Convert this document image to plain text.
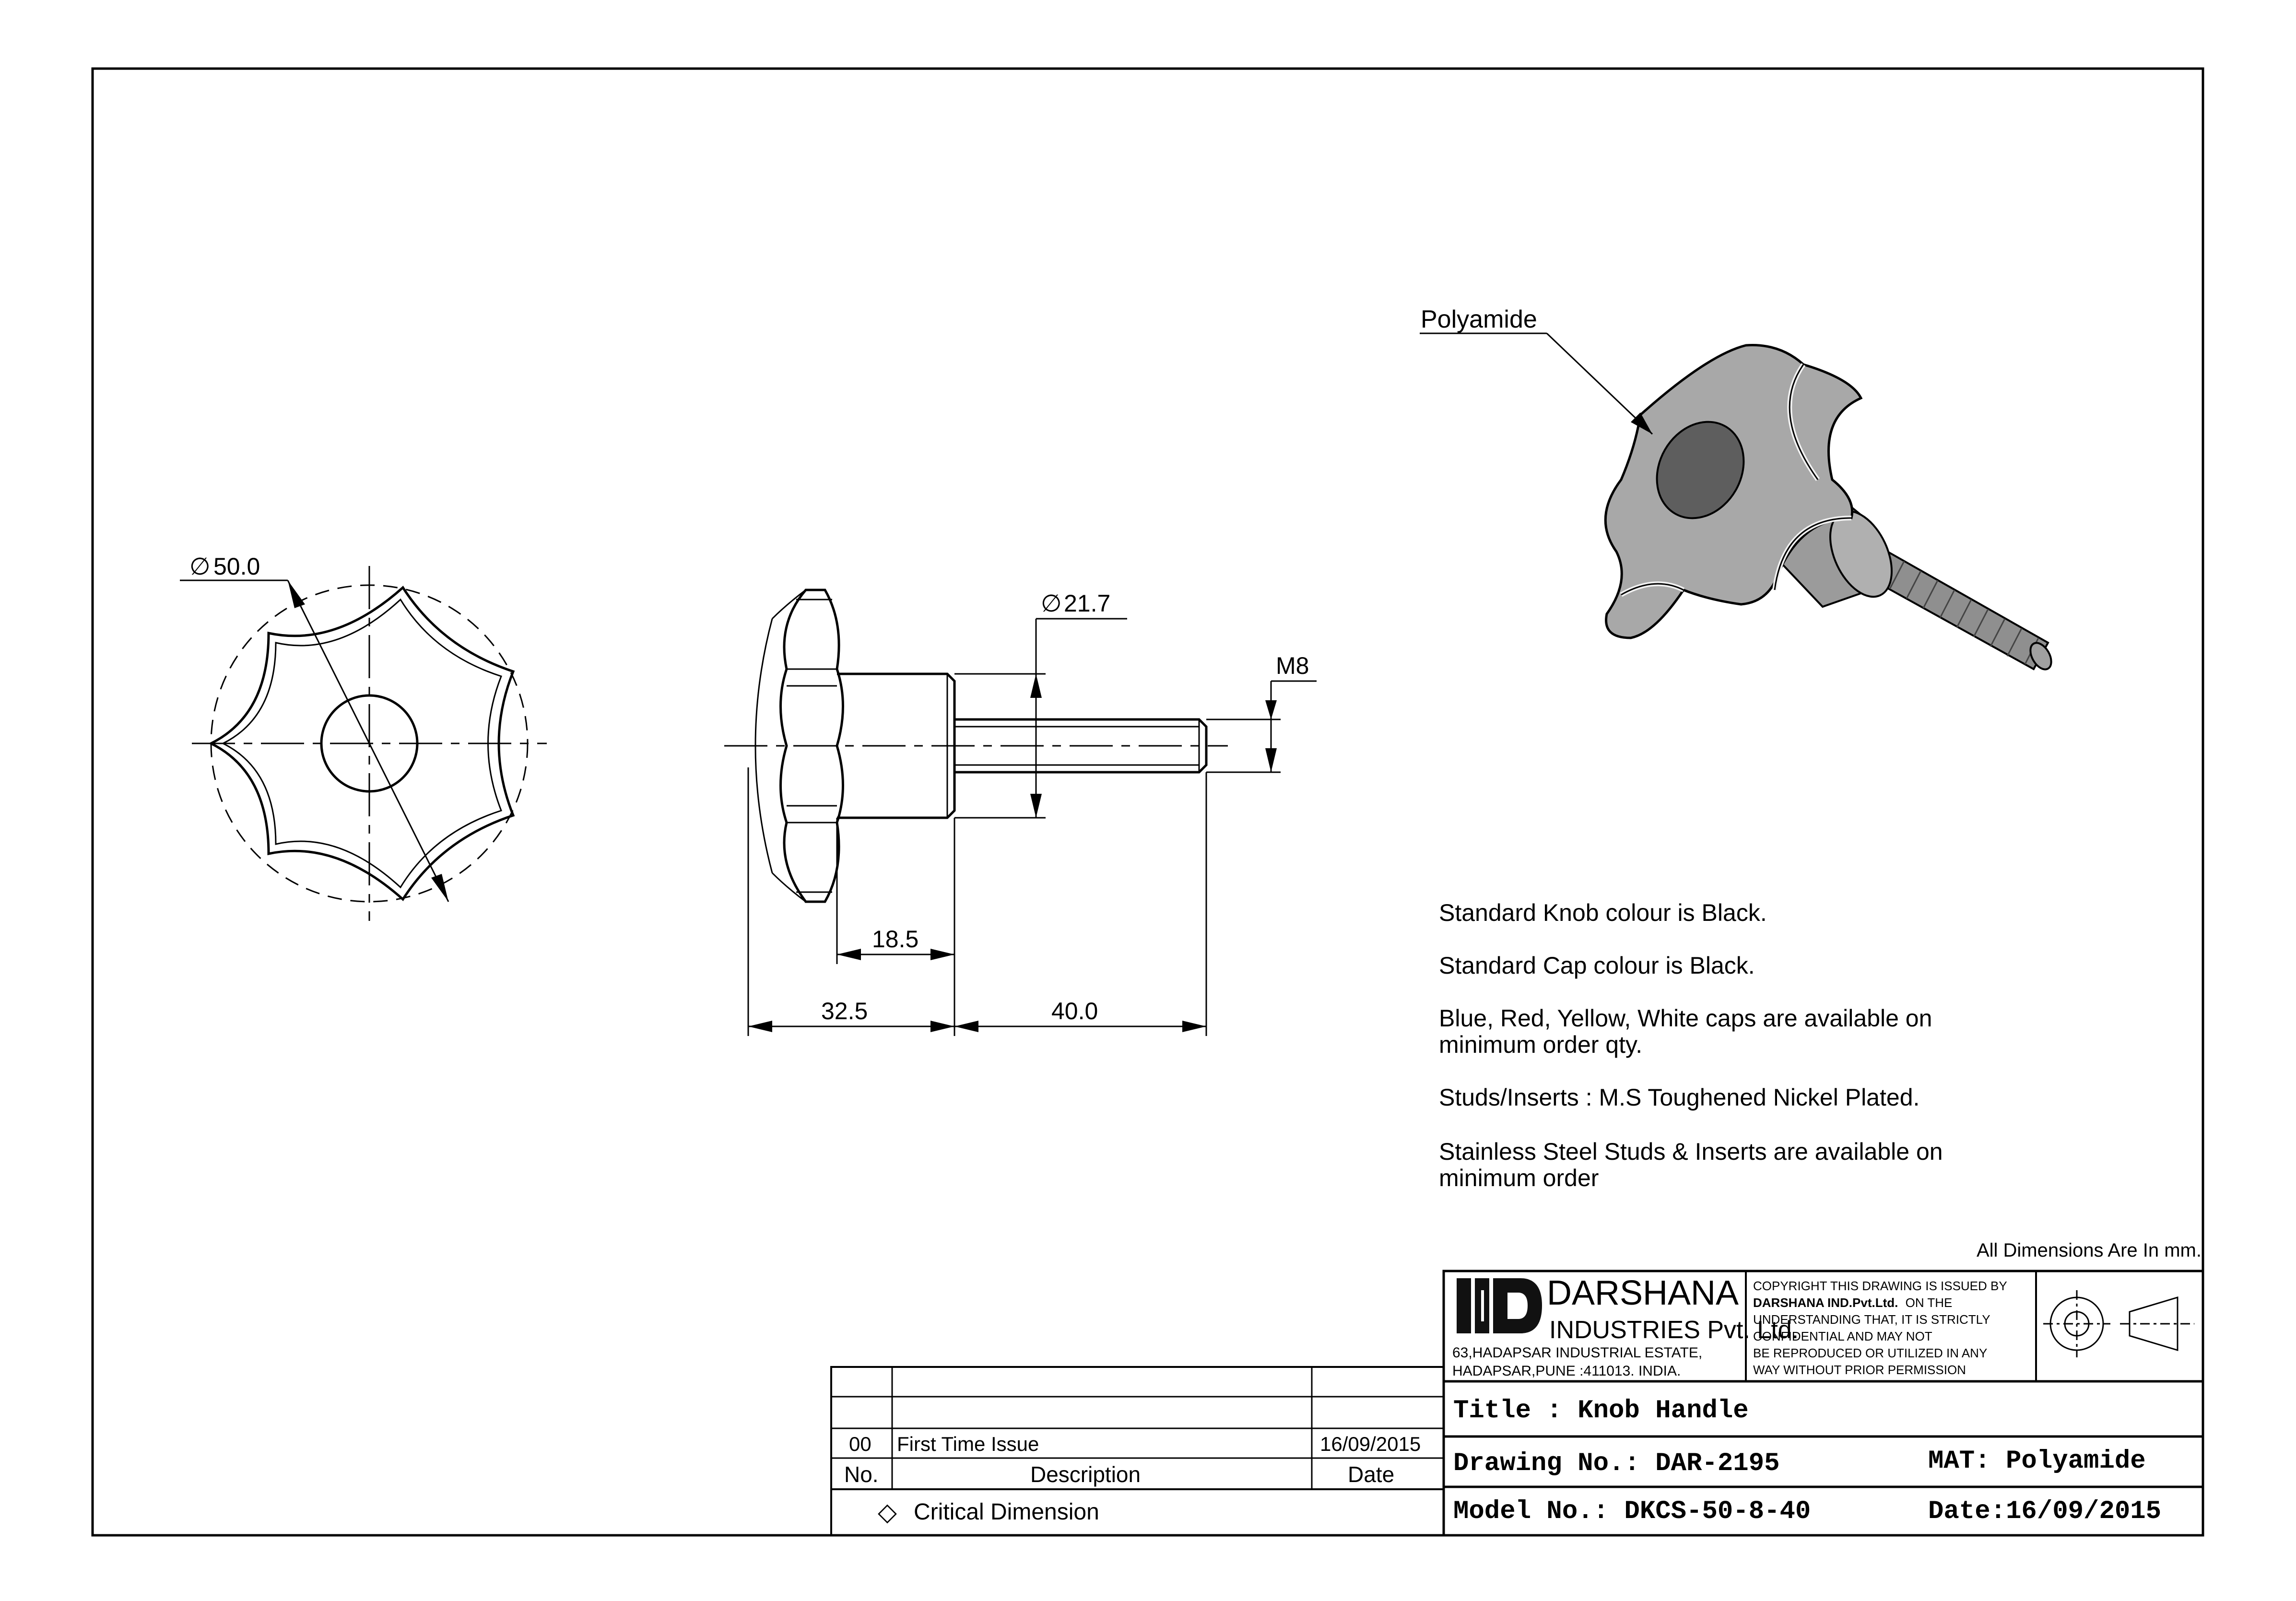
∅ 50.0
∅ 21.7
M8
18.5
32.5	40.0
Polyamide
Standard Knob colour is Black.
Standard Cap colour is Black.
Blue, Red, Yellow, White caps are available on
minimum order qty.
Studs/Inserts : M.S Toughened Nickel Plated.
Stainless Steel Studs & Inserts are available on
minimum order
All Dimensions Are In mm.
DARSHANA
INDUSTRIES Pvt. Ltd.
63,HADAPSAR INDUSTRIAL ESTATE,
HADAPSAR,PUNE :411013. INDIA.
COPYRIGHT THIS DRAWING IS ISSUED BY
DARSHANA IND.Pvt.Ltd. ON THE
UNDERSTANDING THAT, IT IS STRICTLY
CONFIDENTIAL AND MAY NOT
BE REPRODUCED OR UTILIZED IN ANY
WAY WITHOUT PRIOR PERMISSION
Title : Knob Handle
Drawing No.: DAR-2195	MAT: Polyamide
Model No.: DKCS-50-8-40	Date:16/09/2015
00 First Time Issue	16/09/2015
No.	Description	Date
◇ Critical Dimension
